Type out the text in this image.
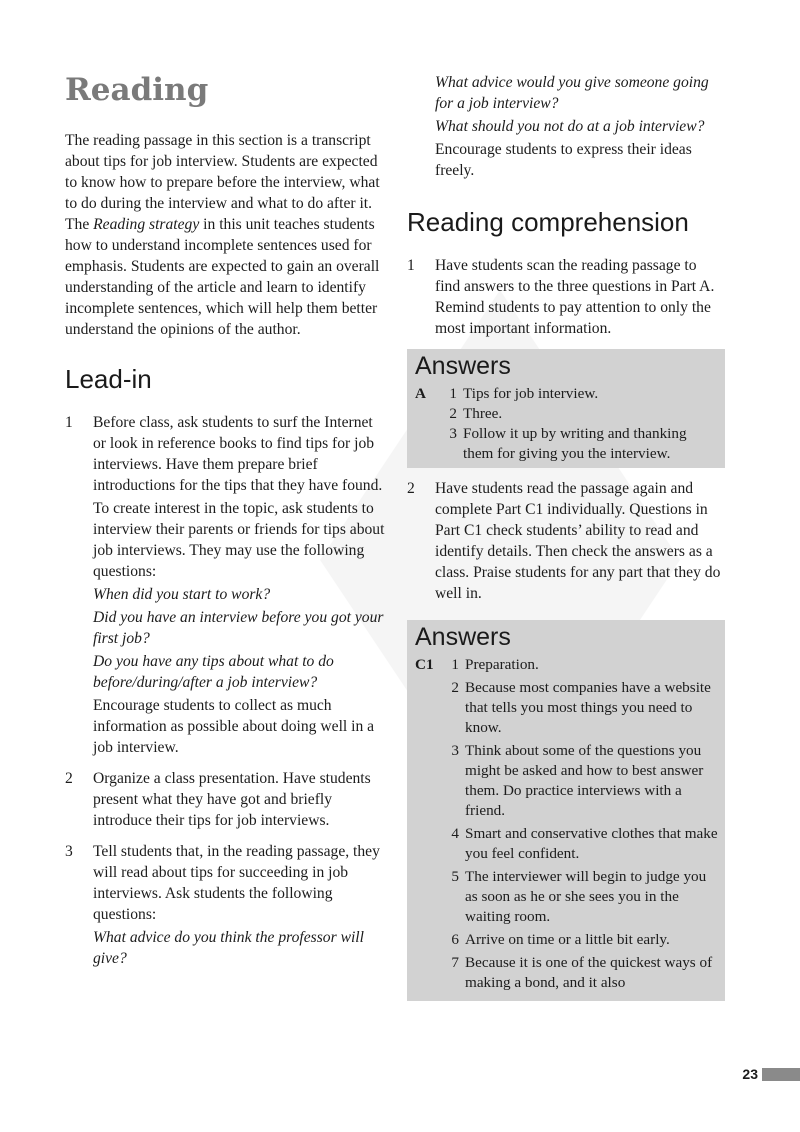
Reading

The reading passage in this section is a transcript about tips for job interview. Students are expected to know how to prepare before the interview, what to do during the interview and what to do after it. The Reading strategy in this unit teaches students how to understand incomplete sentences used for emphasis. Students are expected to gain an overall understanding of the article and learn to identify incomplete sentences, which will help them better understand the opinions of the author.

Lead-in
1	Before class, ask students to surf the Internet or look in reference books to find tips for job interviews. Have them prepare brief introductions for the tips that they have found.

To create interest in the topic, ask students to interview their parents or friends for tips about job interviews. They may use the following questions:

When did you start to work?

Did you have an interview before you got your first job?

Do you have any tips about what to do before/during/after a job interview?

Encourage students to collect as much information as possible about doing well in a job interview.

2	Organize a class presentation. Have students present what they have got and briefly introduce their tips for job interviews.

3	Tell students that, in the reading passage, they will read about tips for succeeding in job interviews. Ask students the following questions:

What advice do you think the professor will give?

What advice would you give someone going for a job interview?

What should you not do at a job interview?

Encourage students to express their ideas freely.

Reading comprehension
1	Have students scan the reading passage to find answers to the three questions in Part A. Remind students to pay attention to only the most important information.

Answers
A	1 Tips for job interview.
2 Three.
3 Follow it up by writing and thanking them for giving you the interview.
2	Have students read the passage again and complete Part C1 individually. Questions in Part C1 check students’ ability to read and identify details. Then check the answers as a class. Praise students for any part that they do well in.

Answers
C1	1 Preparation.
2 Because most companies have a website that tells you most things you need to know.
3 Think about some of the questions you might be asked and how to best answer them. Do practice interviews with a friend.
4 Smart and conservative clothes that make you feel confident.
5 The interviewer will begin to judge you as soon as he or she sees you in the waiting room.
6 Arrive on time or a little bit early.
7 Because it is one of the quickest ways of making a bond, and it also
23
